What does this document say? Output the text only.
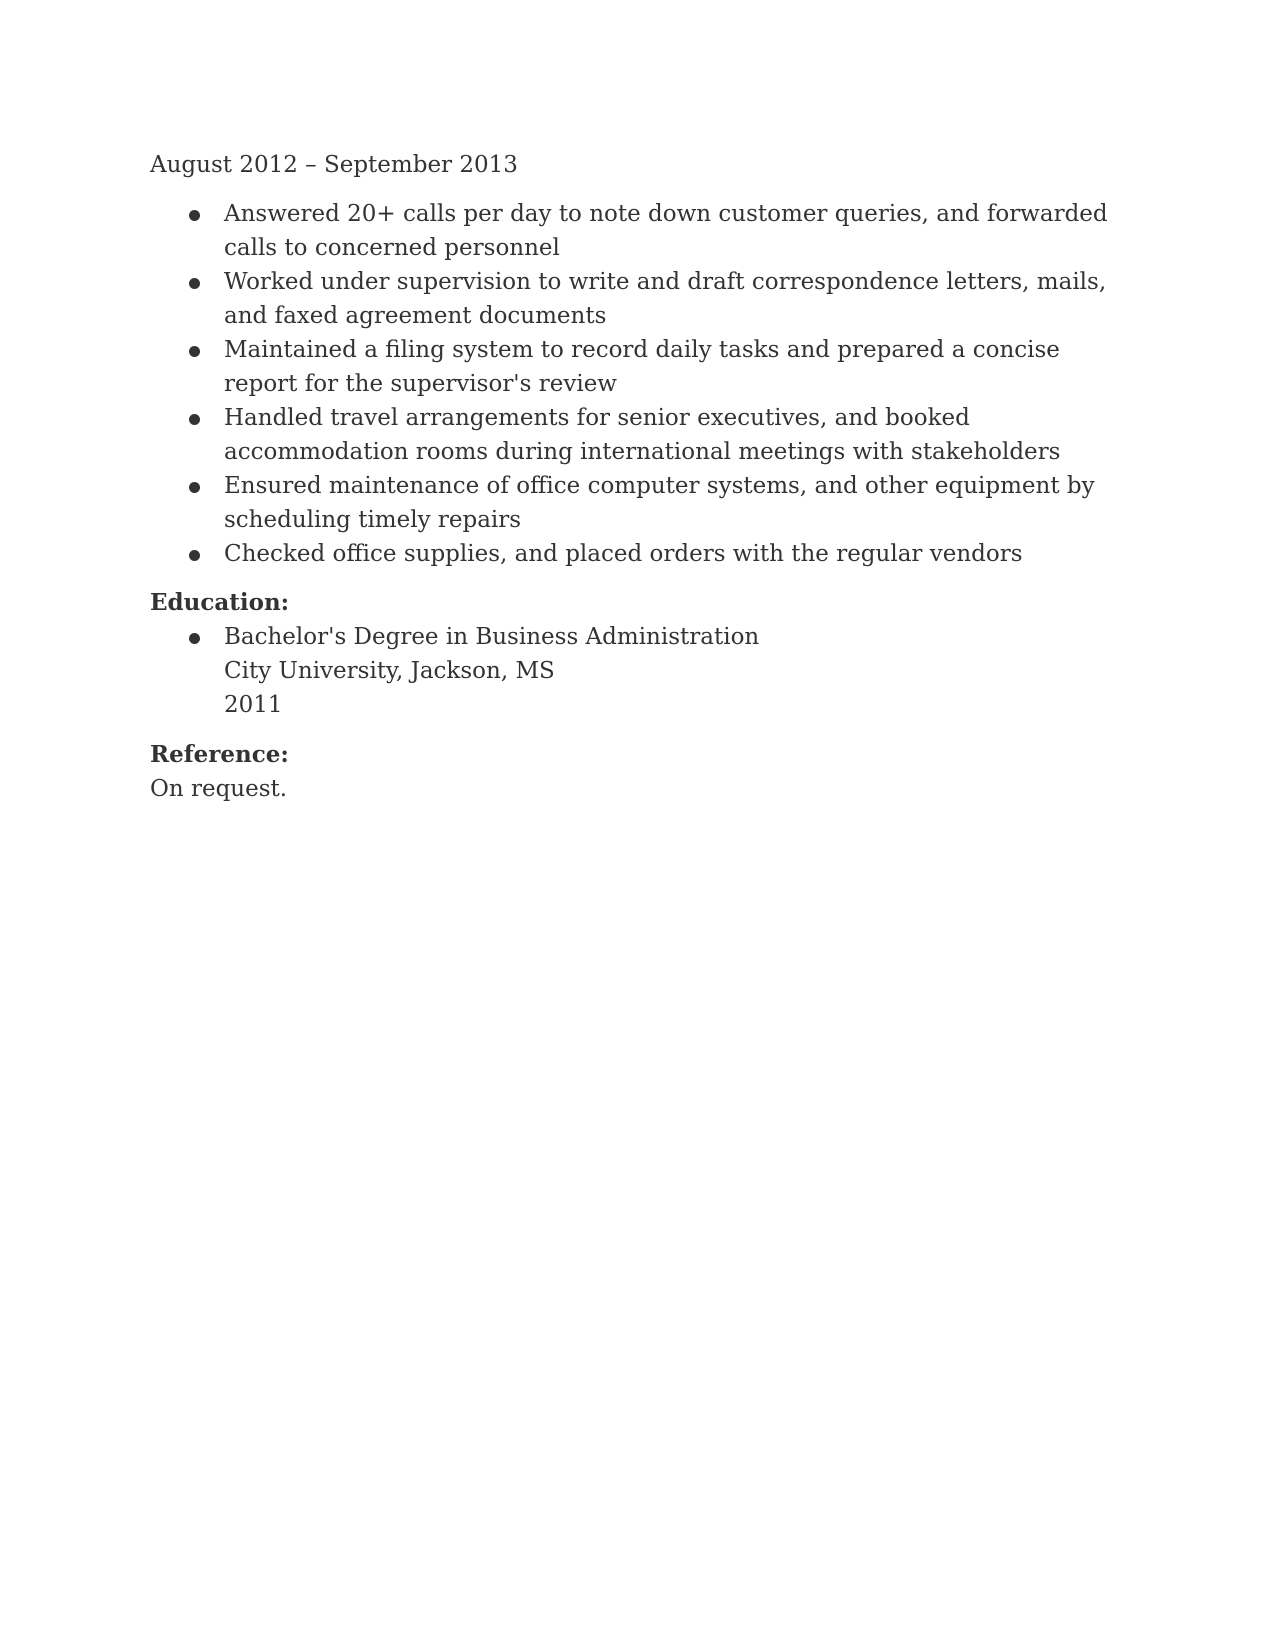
August 2012 – September 2013
Answered 20+ calls per day to note down customer queries, and forwarded calls to concerned personnel
Worked under supervision to write and draft correspondence letters, mails, and faxed agreement documents
Maintained a filing system to record daily tasks and prepared a concise report for the supervisor's review
Handled travel arrangements for senior executives, and booked accommodation rooms during international meetings with stakeholders
Ensured maintenance of office computer systems, and other equipment by scheduling timely repairs
Checked office supplies, and placed orders with the regular vendors
Education:
Bachelor's Degree in Business Administration
City University, Jackson, MS
2011
Reference:
On request.
